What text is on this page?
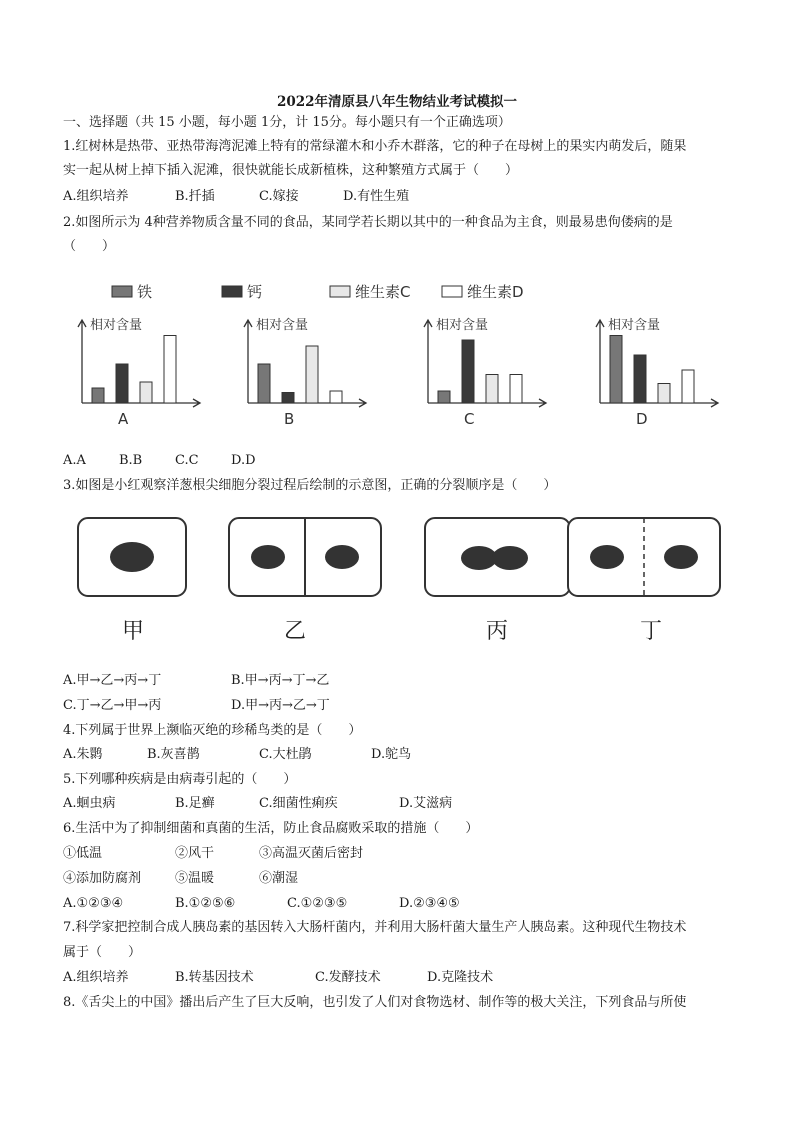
2022年清原县八年生物结业考试模拟一
一、选择题（共 15 小题，每小题 1分，计 15分。每小题只有一个正确选项）
1.红树林是热带、亚热带海湾泥滩上特有的常绿灌木和小乔木群落，它的种子在母树上的果实内萌发后，随果
实一起从树上掉下插入泥滩，很快就能长成新植株，这种繁殖方式属于（　　）
A.组织培养	B.扦插	C.嫁接	D.有性生殖
2.如图所示为 4种营养物质含量不同的食品，某同学若长期以其中的一种食品为主食，则最易患佝偻病的是
（　　）
铁	钙	维生素C	维生素D
相对含量
A
相对含量
B
相对含量
C
相对含量
D
A.A	B.B	C.C D.D
3.如图是小红观察洋葱根尖细胞分裂过程后绘制的示意图，正确的分裂顺序是（　　）
甲	乙	丙	丁
A.甲→乙→丙→丁	B.甲→丙→丁→乙
C.丁→乙→甲→丙	D.甲→丙→乙→丁
4.下列属于世界上濒临灭绝的珍稀鸟类的是（　　）
A.朱鹮	B.灰喜鹊	C.大杜鹃	D.鸵鸟
5.下列哪种疾病是由病毒引起的（　　）
A.蛔虫病	B.足癣	C.细菌性痢疾	D.艾滋病
6.生活中为了抑制细菌和真菌的生活，防止食品腐败采取的措施（　　）
①低温	②风干	③高温灭菌后密封
④添加防腐剂	⑤温暖	⑥潮湿
A.①②③④	B.①②⑤⑥	C.①②③⑤	D.②③④⑤
7.科学家把控制合成人胰岛素的基因转入大肠杆菌内，并利用大肠杆菌大量生产人胰岛素。这种现代生物技术
属于（　　）
A.组织培养	B.转基因技术	C.发酵技术	D.克隆技术
8.《舌尖上的中国》播出后产生了巨大反响，也引发了人们对食物选材、制作等的极大关注，下列食品与所使
